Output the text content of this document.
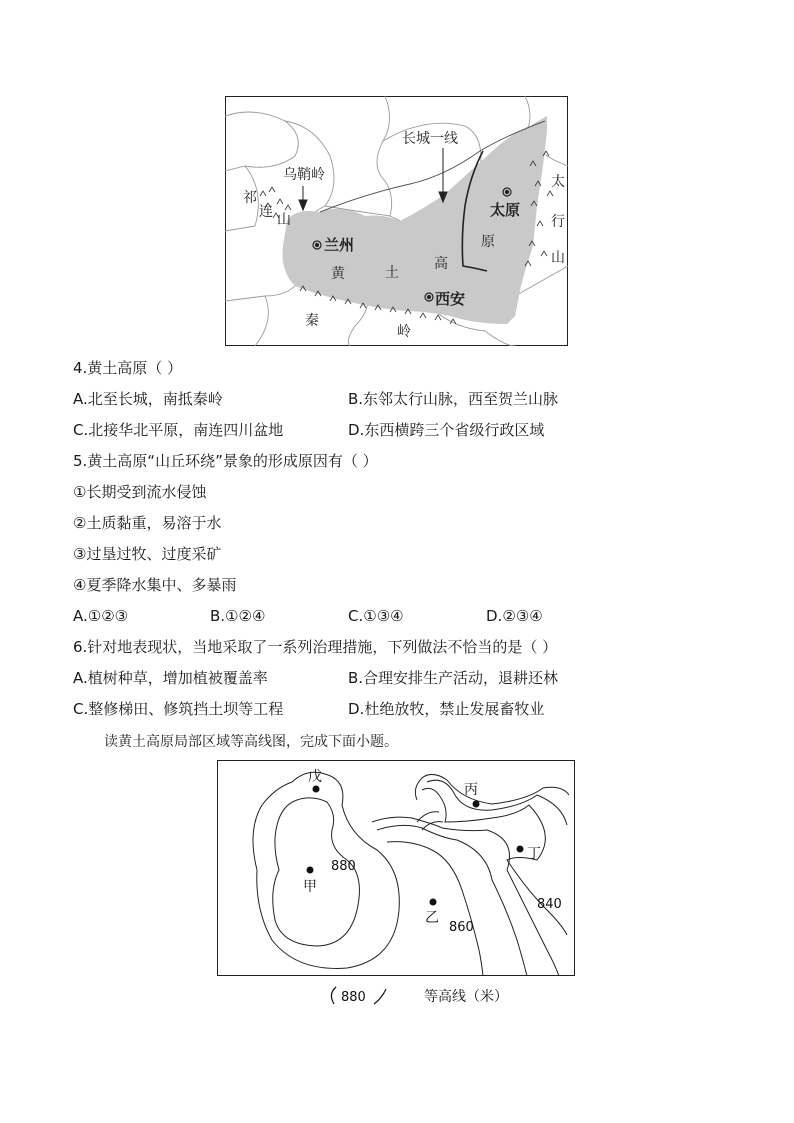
长城一线
乌鞘岭
祁
连 山
太原
太
行
山
原
兰州
黄	土
高
西安
秦
岭
4.黄土高原（ ）
A.北至长城，南抵秦岭	B.东邻太行山脉，西至贺兰山脉
C.北接华北平原，南连四川盆地	D.东西横跨三个省级行政区域
5.黄土高原“山丘环绕”景象的形成原因有（ ）
①长期受到流水侵蚀
②土质黏重，易溶于水
③过垦过牧、过度采矿
④夏季降水集中、多暴雨
A.①②③	B.①②④	C.①③④	D.②③④
6.针对地表现状，当地采取了一系列治理措施，下列做法不恰当的是（ ）
A.植树种草，增加植被覆盖率	B.合理安排生产活动，退耕还林
C.整修梯田、修筑挡土坝等工程	D.杜绝放牧，禁止发展畜牧业
读黄土高原局部区域等高线图，完成下面小题。
戊
甲
丙
丁
乙
880
860
840
880	等高线（米）
